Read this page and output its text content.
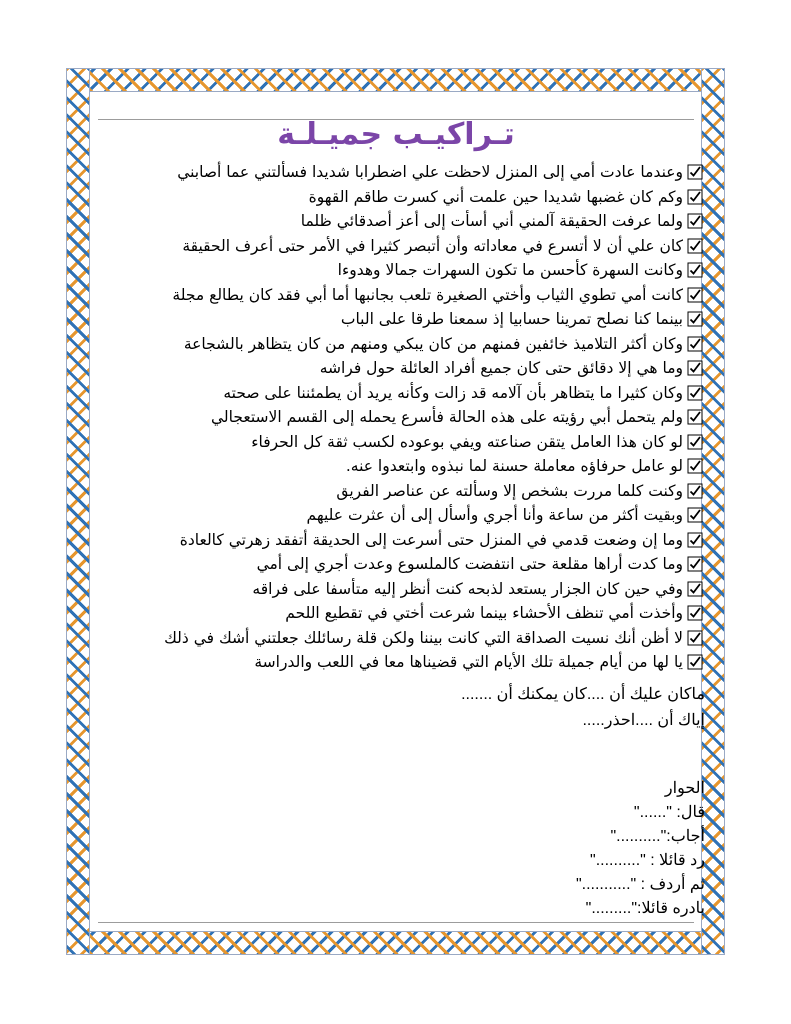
تـراكيـب جميـلـة
وعندما عادت أمي إلى المنزل لاحظت علي اضطرابا شديدا فسألتني عما أصابني
وكم كان غضبها شديدا حين علمت أني كسرت طاقم القهوة
ولما عرفت الحقيقة آلمني أني أسأت إلى أعز أصدقائي ظلما
كان علي أن لا أتسرع في معاداته وأن أتبصر كثيرا في الأمر حتى أعرف الحقيقة
وكانت السهرة كأحسن ما تكون السهرات جمالا وهدوءا
كانت أمي تطوي الثياب وأختي الصغيرة تلعب بجانبها أما أبي فقد كان يطالع مجلة
بينما كنا نصلح تمرينا حسابيا إذ سمعنا طرقا على الباب
وكان أكثر التلاميذ خائفين فمنهم من كان يبكي ومنهم من كان يتظاهر بالشجاعة
وما هي إلا دقائق حتى كان جميع أفراد العائلة حول فراشه
وكان كثيرا ما يتظاهر بأن آلامه قد زالت وكأنه يريد أن يطمئننا على صحته
ولم يتحمل أبي رؤيته على هذه الحالة فأسرع يحمله إلى القسم الاستعجالي
لو كان هذا العامل يتقن صناعته ويفي بوعوده لكسب ثقة كل الحرفاء
لو عامل حرفاؤه معاملة حسنة لما نبذوه وابتعدوا عنه.
وكنت كلما مررت بشخص إلا وسألته عن عناصر الفريق
وبقيت أكثر من ساعة وأنا أجري وأسأل إلى أن عثرت عليهم
وما إن وضعت قدمي في المنزل حتى أسرعت إلى الحديقة أتفقد زهرتي كالعادة
وما كدت أراها مقلعة حتى انتفضت كالملسوع وعدت أجري إلى أمي
وفي حين كان الجزار يستعد لذبحه كنت أنظر إليه متأسفا على فراقه
وأخذت أمي تنظف الأحشاء بينما شرعت أختي في تقطيع اللحم
لا أظن أنك نسيت الصداقة التي كانت بيننا ولكن قلة رسائلك جعلتني أشك في ذلك
يا لها من أيام جميلة تلك الأيام التي قضيناها معا في اللعب والدراسة
ماكان عليك أن ....كان يمكنك أن .......
إياك أن ....احذر.....
الحوار
قال: "......"
أجاب:".........."
رد قائلا : ".........."
ثم أردف : "..........."
بادره قائلا:"........."
